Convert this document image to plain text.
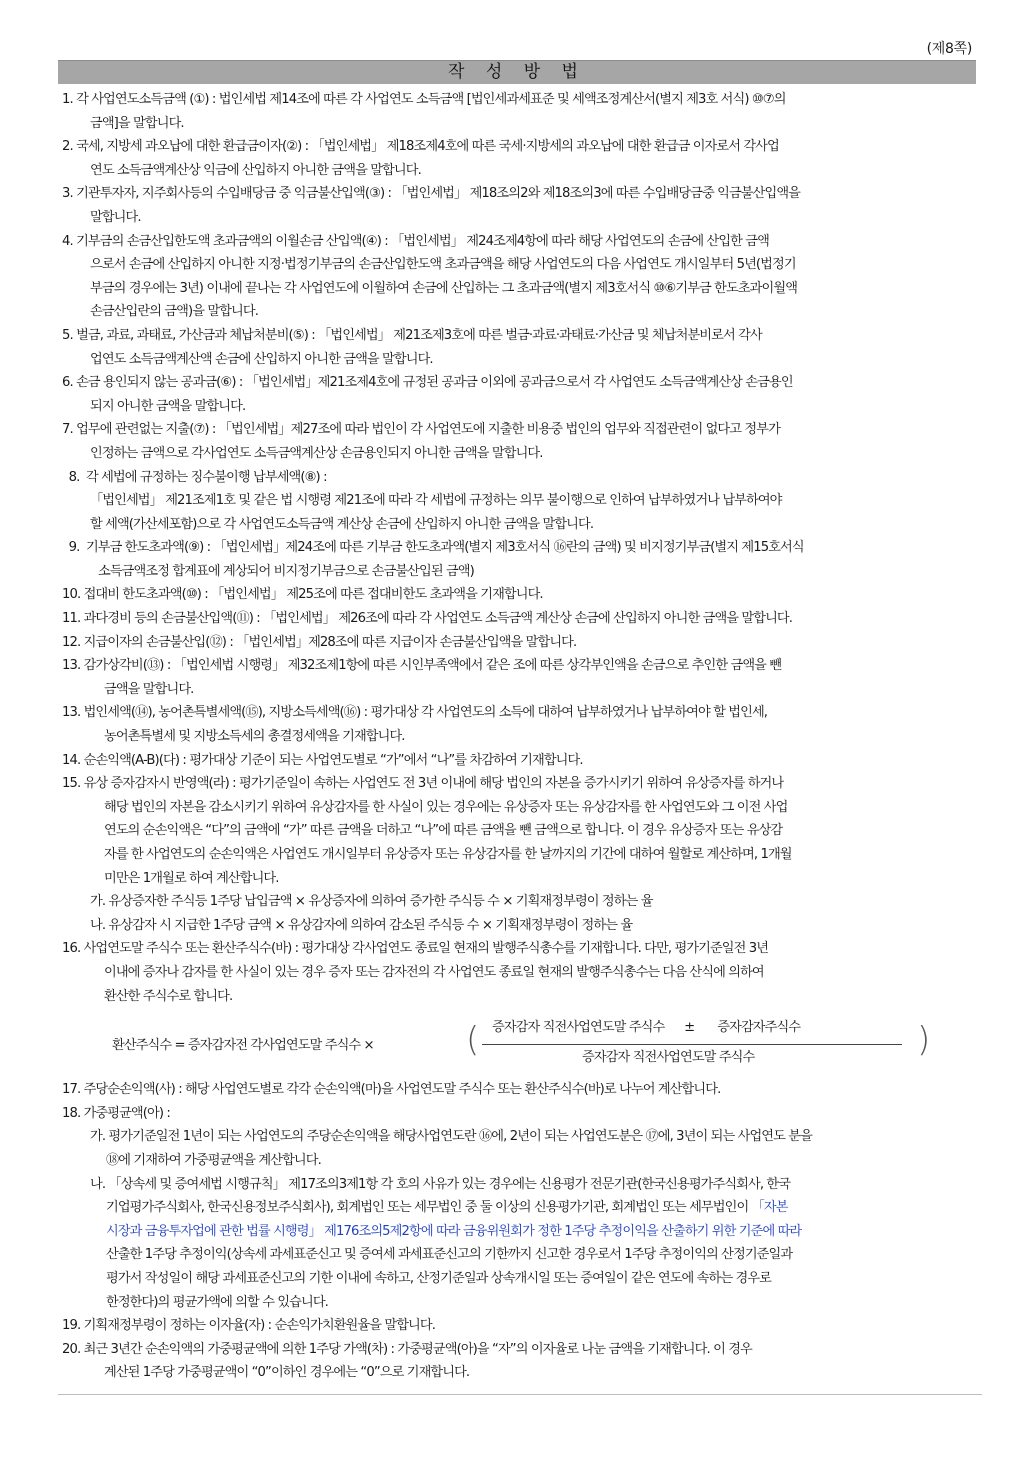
(제8쪽)
작 성 방 법
1. 각 사업연도소득금액 (①) : 법인세법 제14조에 따른 각 사업연도 소득금액 [법인세과세표준 및 세액조정계산서(별지 제3호 서식) ⑩⑦의
금액]을 말합니다.
2. 국세, 지방세 과오납에 대한 환급금이자(②) : 「법인세법」 제18조제4호에 따른 국세·지방세의 과오납에 대한 환급금 이자로서 각사업
연도 소득금액계산상 익금에 산입하지 아니한 금액을 말합니다.
3. 기관투자자, 지주회사등의 수입배당금 중 익금불산입액(③) : 「법인세법」 제18조의2와 제18조의3에 따른 수입배당금중 익금불산입액을
말합니다.
4. 기부금의 손금산입한도액 초과금액의 이월손금 산입액(④) : 「법인세법」 제24조제4항에 따라 해당 사업연도의 손금에 산입한 금액
으로서 손금에 산입하지 아니한 지정·법정기부금의 손금산입한도액 초과금액을 해당 사업연도의 다음 사업연도 개시일부터 5년(법정기
부금의 경우에는 3년) 이내에 끝나는 각 사업연도에 이월하여 손금에 산입하는 그 초과금액(별지 제3호서식 ⑩⑥기부금 한도초과이월액
손금산입란의 금액)을 말합니다.
5. 벌금, 과료, 과태료, 가산금과 체납처분비(⑤) : 「법인세법」 제21조제3호에 따른 벌금·과료·과태료·가산금 및 체납처분비로서 각사
업연도 소득금액계산액 손금에 산입하지 아니한 금액을 말합니다.
6. 손금 용인되지 않는 공과금(⑥) : 「법인세법」제21조제4호에 규정된 공과금 이외에 공과금으로서 각 사업연도 소득금액계산상 손금용인
되지 아니한 금액을 말합니다.
7. 업무에 관련없는 지출(⑦) : 「법인세법」제27조에 따라 법인이 각 사업연도에 지출한 비용중 법인의 업무와 직접관련이 없다고 정부가
인정하는 금액으로 각사업연도 소득금액계산상 손금용인되지 아니한 금액을 말합니다.
8.  각 세법에 규정하는 징수불이행 납부세액(⑧) :
「법인세법」 제21조제1호 및 같은 법 시행령 제21조에 따라 각 세법에 규정하는 의무 불이행으로 인하여 납부하였거나 납부하여야
할 세액(가산세포함)으로 각 사업연도소득금액 계산상 손금에 산입하지 아니한 금액을 말합니다.
9.  기부금 한도초과액(⑨) : 「법인세법」제24조에 따른 기부금 한도초과액(별지 제3호서식 ⑯란의 금액) 및 비지정기부금(별지 제15호서식
소득금액조정 합계표에 계상되어 비지정기부금으로 손금불산입된 금액)
10. 접대비 한도초과액(⑩) : 「법인세법」 제25조에 따른 접대비한도 초과액을 기재합니다.
11. 과다경비 등의 손금불산입액(⑪) : 「법인세법」 제26조에 따라 각 사업연도 소득금액 계산상 손금에 산입하지 아니한 금액을 말합니다.
12. 지급이자의 손금불산입(⑫) : 「법인세법」제28조에 따른 지급이자 손금불산입액을 말합니다.
13. 감가상각비(⑬) : 「법인세법 시행령」 제32조제1항에 따른 시인부족액에서 같은 조에 따른 상각부인액을 손금으로 추인한 금액을 뺀
금액을 말합니다.
13. 법인세액(⑭), 농어촌특별세액(⑮), 지방소득세액(⑯) : 평가대상 각 사업연도의 소득에 대하여 납부하였거나 납부하여야 할 법인세,
농어촌특별세 및 지방소득세의 총결정세액을 기재합니다.
14. 순손익액(A-B)(다) : 평가대상 기준이 되는 사업연도별로 “가”에서 “나”를 차감하여 기재합니다.
15. 유상 증자감자시 반영액(라) : 평가기준일이 속하는 사업연도 전 3년 이내에 해당 법인의 자본을 증가시키기 위하여 유상증자를 하거나
해당 법인의 자본을 감소시키기 위하여 유상감자를 한 사실이 있는 경우에는 유상증자 또는 유상감자를 한 사업연도와 그 이전 사업
연도의 순손익액은 “다”의 금액에 “가” 따른 금액을 더하고 “나”에 따른 금액을 뺀 금액으로 합니다. 이 경우 유상증자 또는 유상감
자를 한 사업연도의 순손익액은 사업연도 개시일부터 유상증자 또는 유상감자를 한 날까지의 기간에 대하여 월할로 계산하며, 1개월
미만은 1개월로 하여 계산합니다.
가. 유상증자한 주식등 1주당 납입금액 × 유상증자에 의하여 증가한 주식등 수 × 기획재정부령이 정하는 율
나. 유상감자 시 지급한 1주당 금액 × 유상감자에 의하여 감소된 주식등 수 × 기획재정부령이 정하는 율
16. 사업연도말 주식수 또는 환산주식수(바) : 평가대상 각사업연도 종료일 현재의 발행주식총수를 기재합니다. 다만, 평가기준일전 3년
이내에 증자나 감자를 한 사실이 있는 경우 증자 또는 감자전의 각 사업연도 종료일 현재의 발행주식총수는 다음 산식에 의하여
환산한 주식수로 합니다.
환산주식수 = 증자감자전 각사업연도말 주식수 ×	( 증자감자 직전사업연도말 주식수      ±       증자감자주식수
증자감자 직전사업연도말 주식수	)
17. 주당순손익액(사) : 해당 사업연도별로 각각 순손익액(마)을 사업연도말 주식수 또는 환산주식수(바)로 나누어 계산합니다.
18. 가중평균액(아) :
가. 평가기준일전 1년이 되는 사업연도의 주당순손익액을 해당사업연도란 ⑯에, 2년이 되는 사업연도분은 ⑰에, 3년이 되는 사업연도 분을
⑱에 기재하여 가중평균액을 계산합니다.
나. 「상속세 및 증여세법 시행규칙」 제17조의3제1항 각 호의 사유가 있는 경우에는 신용평가 전문기관(한국신용평가주식회사, 한국
기업평가주식회사, 한국신용정보주식회사), 회계법인 또는 세무법인 중 둘 이상의 신용평가기관, 회계법인 또는 세무법인이 「자본
시장과 금융투자업에 관한 법률 시행령」 제176조의5제2항에 따라 금융위원회가 정한 1주당 추정이익을 산출하기 위한 기준에 따라
산출한 1주당 추정이익(상속세 과세표준신고 및 증여세 과세표준신고의 기한까지 신고한 경우로서 1주당 추정이익의 산정기준일과
평가서 작성일이 해당 과세표준신고의 기한 이내에 속하고, 산정기준일과 상속개시일 또는 증여일이 같은 연도에 속하는 경우로
한정한다)의 평균가액에 의할 수 있습니다.
19. 기획재정부령이 정하는 이자율(자) : 순손익가치환원율을 말합니다.
20. 최근 3년간 순손익액의 가중평균액에 의한 1주당 가액(차) : 가중평균액(아)을 “자”의 이자율로 나눈 금액을 기재합니다. 이 경우
계산된 1주당 가중평균액이 “0”이하인 경우에는 “0”으로 기재합니다.
